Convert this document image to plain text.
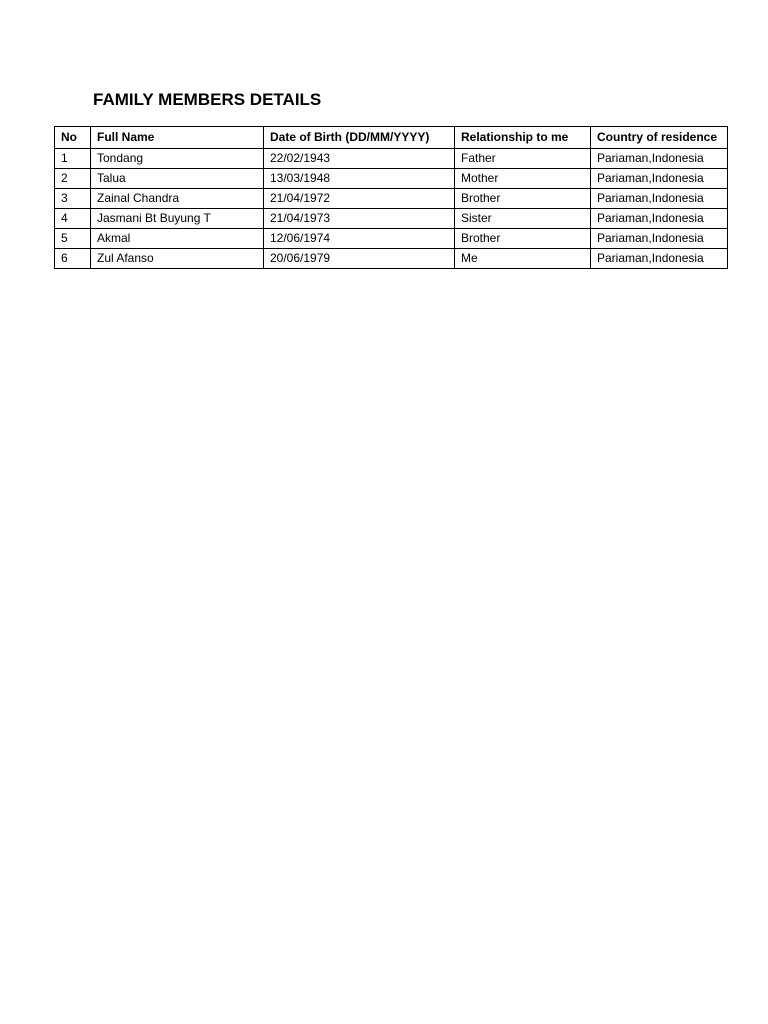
FAMILY MEMBERS DETAILS
No	Full Name	Date of Birth (DD/MM/YYYY)	Relationship to me	Country of residence
1	Tondang	22/02/1943	Father	Pariaman,Indonesia
2	Talua	13/03/1948	Mother	Pariaman,Indonesia
3	Zainal Chandra	21/04/1972	Brother	Pariaman,Indonesia
4	Jasmani Bt Buyung T	21/04/1973	Sister	Pariaman,Indonesia
5	Akmal	12/06/1974	Brother	Pariaman,Indonesia
6	Zul Afanso	20/06/1979	Me	Pariaman,Indonesia
